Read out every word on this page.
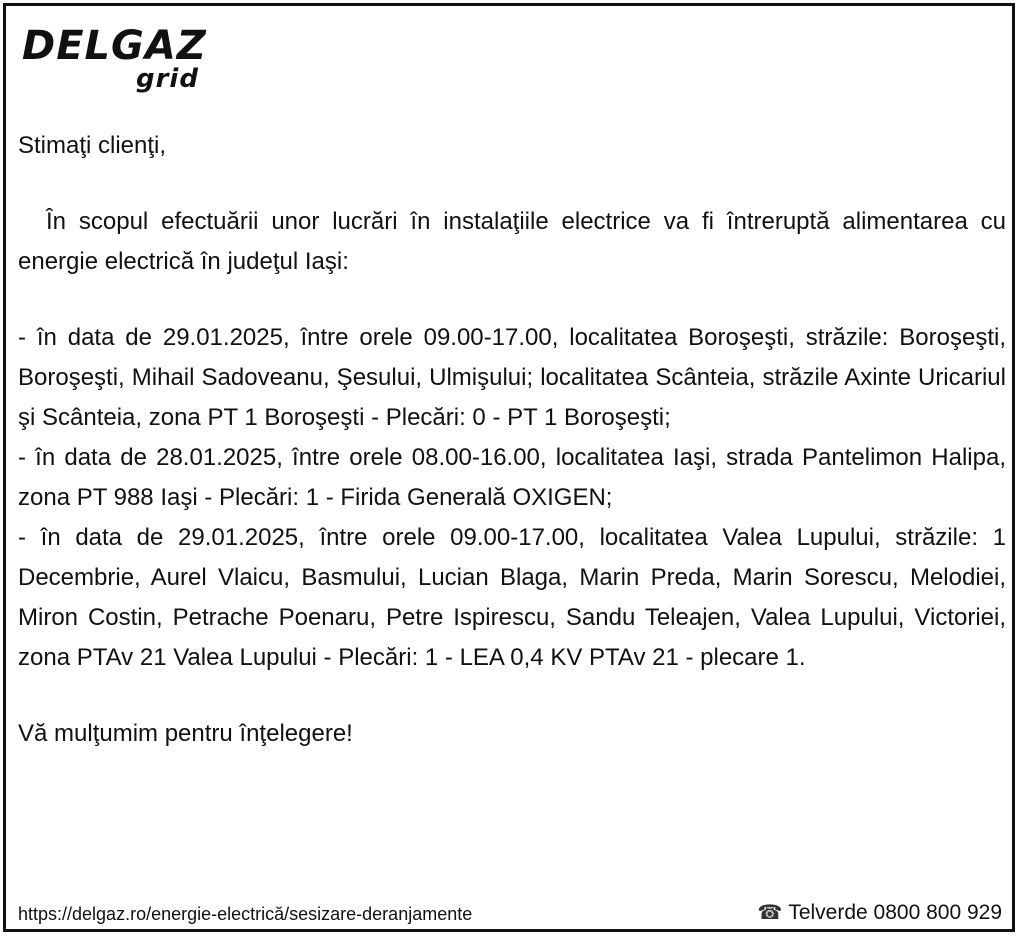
DELGAZ
grid

Stimaţi clienţi,

În scopul efectuării unor lucrări în instalaţiile electrice va fi întreruptă alimentarea cu energie electrică în judeţul Iaşi:

- în data de 29.01.2025, între orele 09.00-17.00, localitatea Boroşeşti, străzile: Boroşeşti, Boroşeşti, Mihail Sadoveanu, Şesului, Ulmişului; localitatea Scânteia, străzile Axinte Uricariul şi Scânteia, zona PT 1 Boroşeşti - Plecări: 0 - PT 1 Boroşeşti;

- în data de 28.01.2025, între orele 08.00-16.00, localitatea Iaşi, strada Pantelimon Halipa, zona PT 988 Iaşi - Plecări: 1 - Firida Generală OXIGEN;

- în data de 29.01.2025, între orele 09.00-17.00, localitatea Valea Lupului, străzile: 1 Decembrie, Aurel Vlaicu, Basmului, Lucian Blaga, Marin Preda, Marin Sorescu, Melodiei, Miron Costin, Petrache Poenaru, Petre Ispirescu, Sandu Teleajen, Valea Lupului, Victoriei, zona PTAv 21 Valea Lupului - Plecări: 1 - LEA 0,4 KV PTAv 21 - plecare 1.

Vă mulţumim pentru înţelegere!

https://delgaz.ro/energie-electrică/sesizare-deranjamente	☎ Telverde 0800 800 929
